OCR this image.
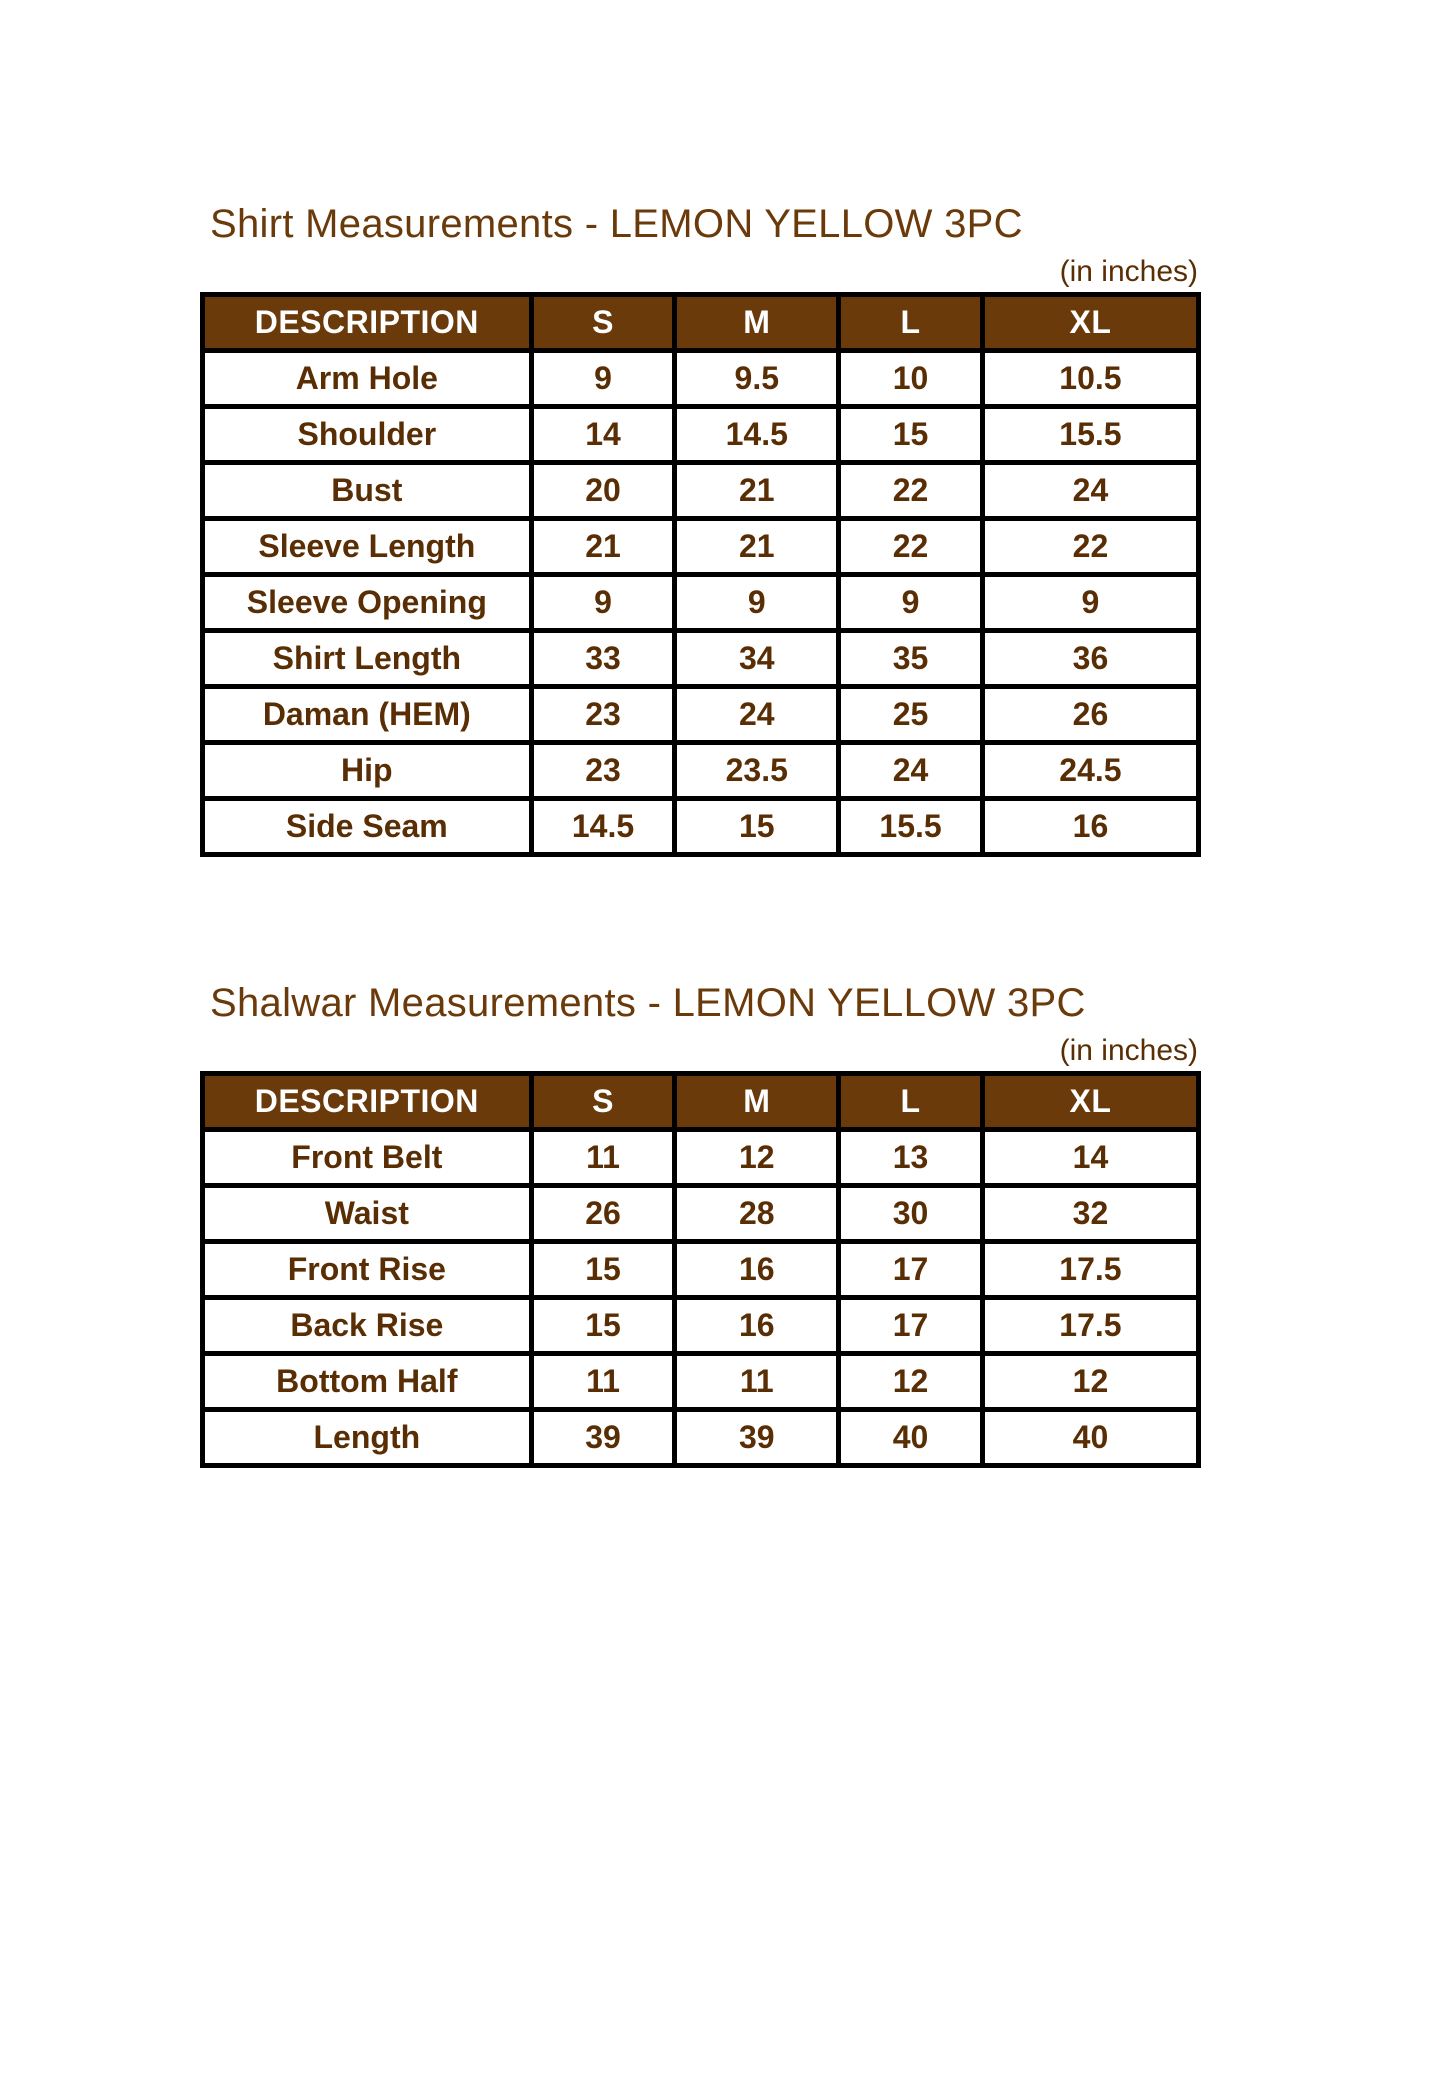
Shirt Measurements - LEMON YELLOW 3PC
(in inches)
DESCRIPTION	S	M	L	XL
Arm Hole	9	9.5	10	10.5
Shoulder	14	14.5	15	15.5
Bust	20	21	22	24
Sleeve Length	21	21	22	22
Sleeve Opening	9	9	9	9
Shirt Length	33	34	35	36
Daman (HEM)	23	24	25	26
Hip	23	23.5	24	24.5
Side Seam	14.5	15	15.5	16
Shalwar Measurements - LEMON YELLOW 3PC
(in inches)
DESCRIPTION	S	M	L	XL
Front Belt	11	12	13	14
Waist	26	28	30	32
Front Rise	15	16	17	17.5
Back Rise	15	16	17	17.5
Bottom Half	11	11	12	12
Length	39	39	40	40
